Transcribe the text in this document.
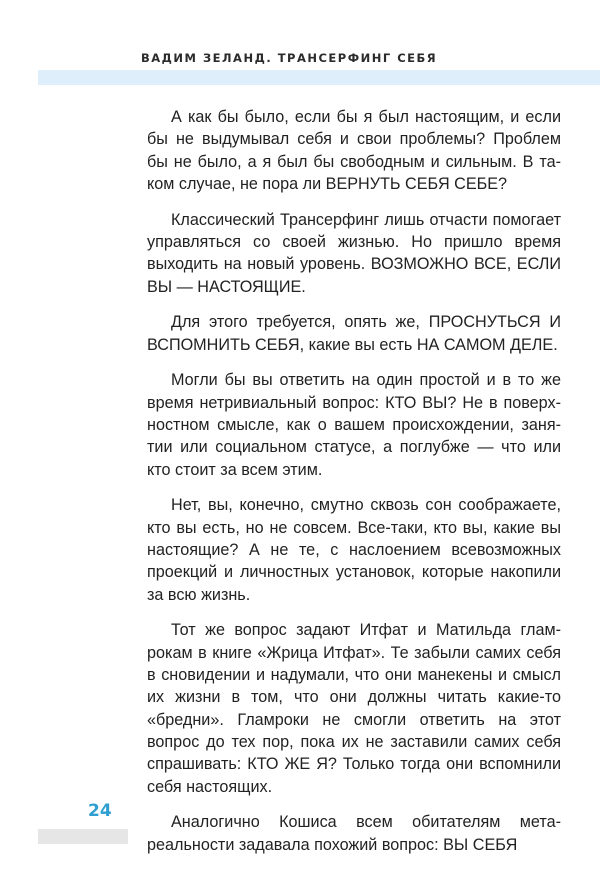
ВАДИМ ЗЕЛАНД. ТРАНСЕРФИНГ СЕБЯ

А как бы было, если бы я был настоящим, и если бы не выдумывал себя и свои проблемы? Проблем бы не было, а я был бы свободным и сильным. В таком случае, не пора ли ВЕРНУТЬ СЕБЯ СЕБЕ?

Классический Трансерфинг лишь отчасти помогает управляться со своей жизнью. Но пришло время выходить на новый уровень. ВОЗМОЖНО ВСЕ, ЕСЛИ ВЫ — НАСТОЯЩИЕ.

Для этого требуется, опять же, ПРОСНУТЬСЯ И ВСПОМНИТЬ СЕБЯ, какие вы есть НА САМОМ ДЕЛЕ.

Могли бы вы ответить на один простой и в то же время нетривиальный вопрос: КТО ВЫ? Не в поверхностном смысле, как о вашем происхождении, занятии или социальном статусе, а поглубже — что или кто стоит за всем этим.

Нет, вы, конечно, смутно сквозь сон соображаете, кто вы есть, но не совсем. Все-таки, кто вы, какие вы настоящие? А не те, с наслоением всевозможных проекций и личностных установок, которые накопили за всю жизнь.

Тот же вопрос задают Итфат и Матильда гламрокам в книге «Жрица Итфат». Те забыли самих себя в сновидении и надумали, что они манекены и смысл их жизни в том, что они должны читать какие-то «бредни». Гламроки не смогли ответить на этот вопрос до тех пор, пока их не заставили самих себя спрашивать: КТО ЖЕ Я? Только тогда они вспомнили себя настоящих.

Аналогично Кошиса всем обитателям метареальности задавала похожий вопрос: ВЫ СЕБЯ

24
